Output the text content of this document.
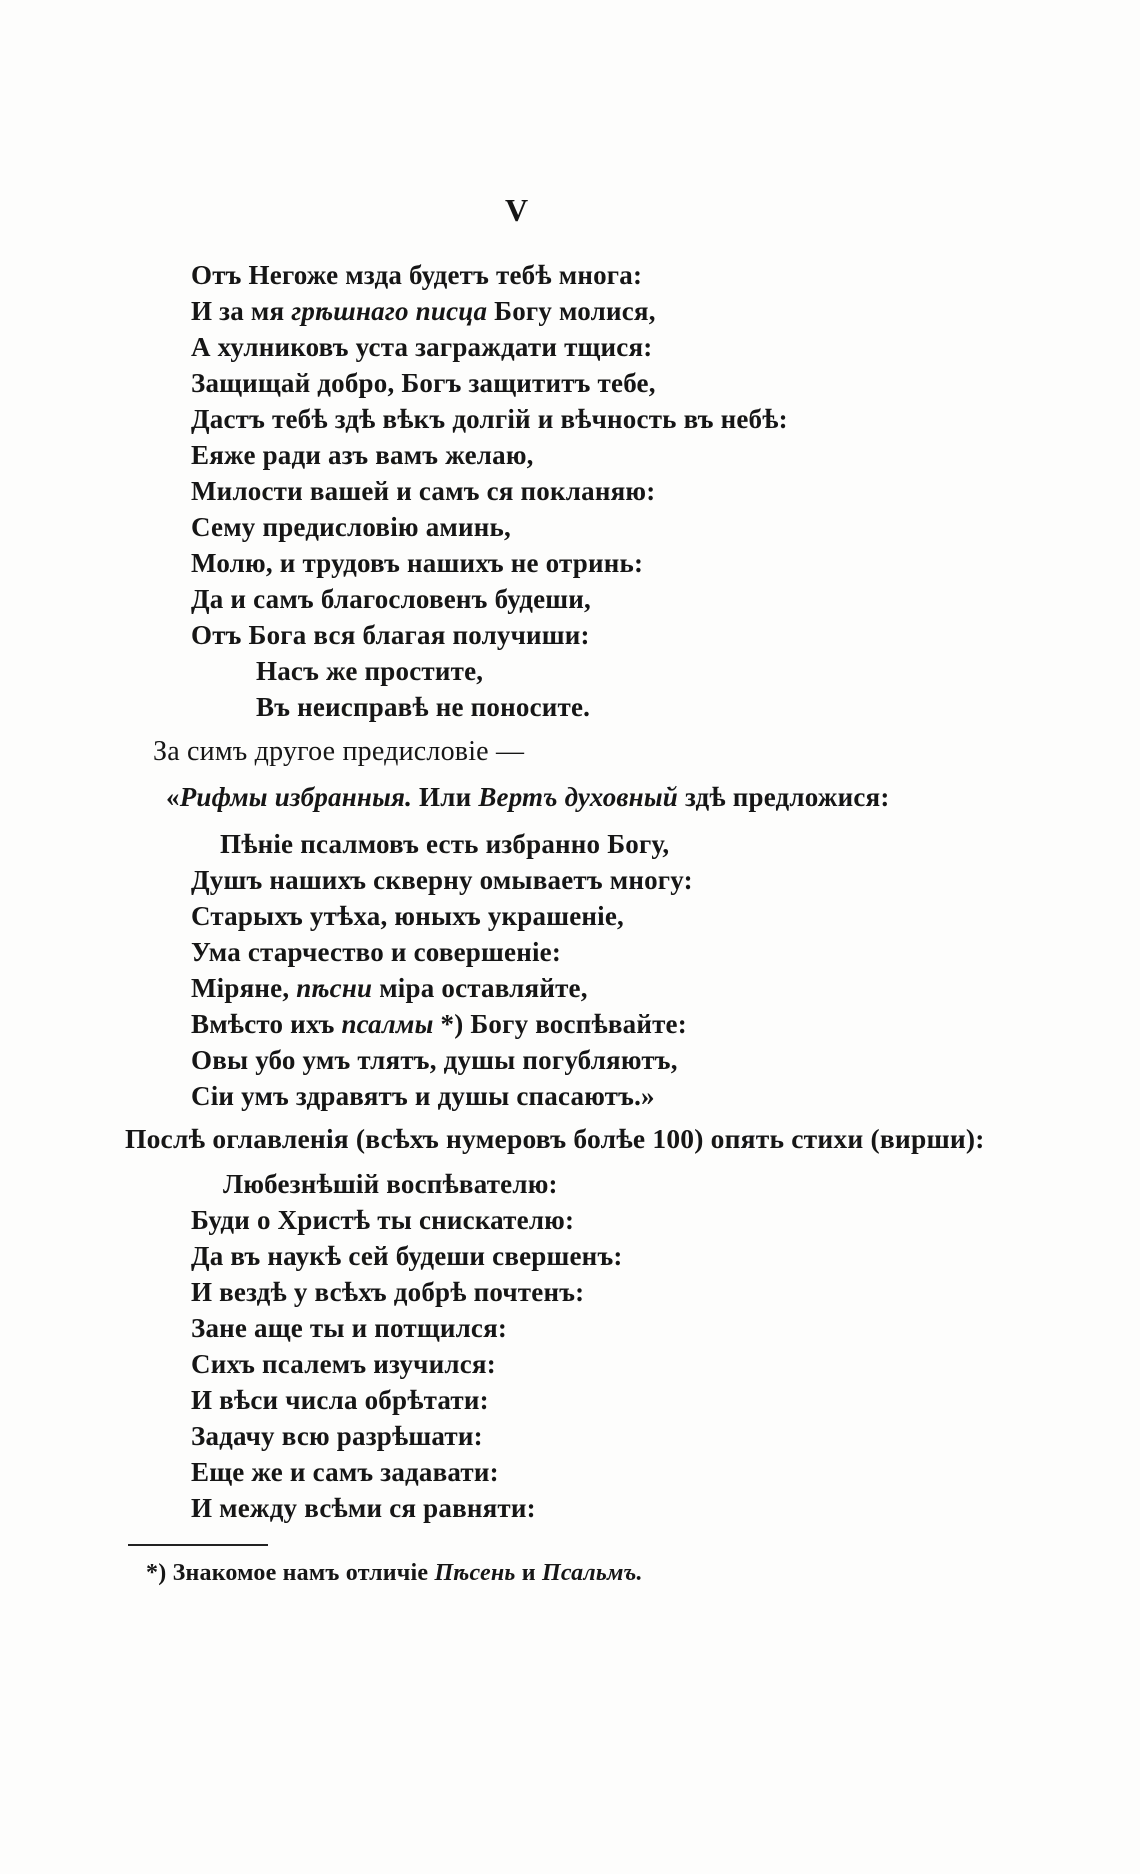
V
Отъ Негоже мзда будетъ тебѣ многа:
И за мя грѣшнаго писца Богу молися,
А хулниковъ уста заграждати тщися:
Защищай добро, Богъ защититъ тебе,
Дастъ тебѣ здѣ вѣкъ долгій и вѣчность въ небѣ:
Еяже ради азъ вамъ желаю,
Милости вашей и самъ ся покланяю:
Сему предисловію аминь,
Молю, и трудовъ нашихъ не отринь:
Да и самъ благословенъ будеши,
Отъ Бога вся благая получиши:
Насъ же простите,
Въ неисправѣ не поносите.
За симъ другое предисловіе —
«Рифмы избранныя. Или Вертъ духовный здѣ предложися:
Пѣніе псалмовъ есть избранно Богу,
Душъ нашихъ скверну омываетъ многу:
Старыхъ утѣха, юныхъ украшеніе,
Ума старчество и совершеніе:
Міряне, пѣсни міра оставляйте,
Вмѣсто ихъ псалмы *) Богу воспѣвайте:
Овы убо умъ тлятъ, душы погубляютъ,
Сіи умъ здравятъ и душы спасаютъ.»
Послѣ оглавленія (всѣхъ нумеровъ болѣе 100) опять стихи (вирши):
Любезнѣшій воспѣвателю:
Буди о Христѣ ты снискателю:
Да въ наукѣ сей будеши свершенъ:
И вездѣ у всѣхъ добрѣ почтенъ:
Зане аще ты и потщился:
Сихъ псалемъ изучился:
И вѣси числа обрѣтати:
Задачу всю разрѣшати:
Еще же и самъ задавати:
И между всѣми ся равняти:
*) Знакомое намъ отличіе Пѣсень и Псальмъ.
